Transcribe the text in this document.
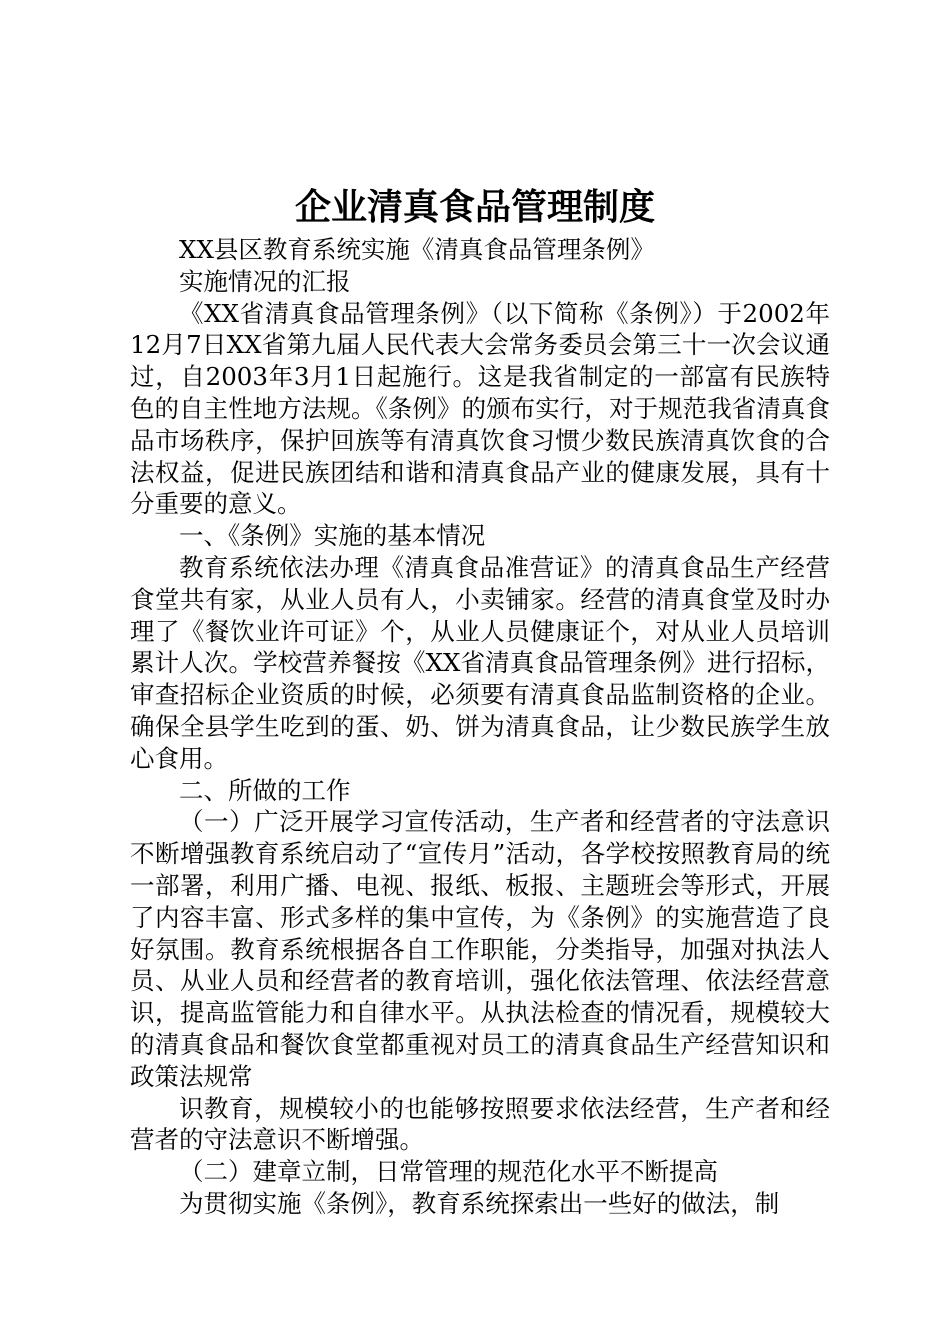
企业清真食品管理制度

XX县区教育系统实施《清真食品管理条例》

实施情况的汇报

《XX省清真食品管理条例》（以下简称《条例》）于2002年12月7日XX省第九届人民代表大会常务委员会第三十一次会议通过，自2003年3月1日起施行。这是我省制定的一部富有民族特色的自主性地方法规。《条例》的颁布实行，对于规范我省清真食品市场秩序，保护回族等有清真饮食习惯少数民族清真饮食的合法权益，促进民族团结和谐和清真食品产业的健康发展，具有十分重要的意义。

一、《条例》实施的基本情况

教育系统依法办理《清真食品准营证》的清真食品生产经营食堂共有家，从业人员有人，小卖铺家。经营的清真食堂及时办理了《餐饮业许可证》个，从业人员健康证个，对从业人员培训累计人次。学校营养餐按《XX省清真食品管理条例》进行招标，审查招标企业资质的时候，必须要有清真食品监制资格的企业。确保全县学生吃到的蛋、奶、饼为清真食品，让少数民族学生放心食用。

二、所做的工作

（一）广泛开展学习宣传活动，生产者和经营者的守法意识不断增强教育系统启动了“宣传月”活动，各学校按照教育局的统一部署，利用广播、电视、报纸、板报、主题班会等形式，开展了内容丰富、形式多样的集中宣传，为《条例》的实施营造了良好氛围。教育系统根据各自工作职能，分类指导，加强对执法人员、从业人员和经营者的教育培训，强化依法管理、依法经营意识，提高监管能力和自律水平。从执法检查的情况看，规模较大的清真食品和餐饮食堂都重视对员工的清真食品生产经营知识和政策法规常

识教育，规模较小的也能够按照要求依法经营，生产者和经营者的守法意识不断增强。

（二）建章立制，日常管理的规范化水平不断提高

为贯彻实施《条例》，教育系统探索出一些好的做法，制
